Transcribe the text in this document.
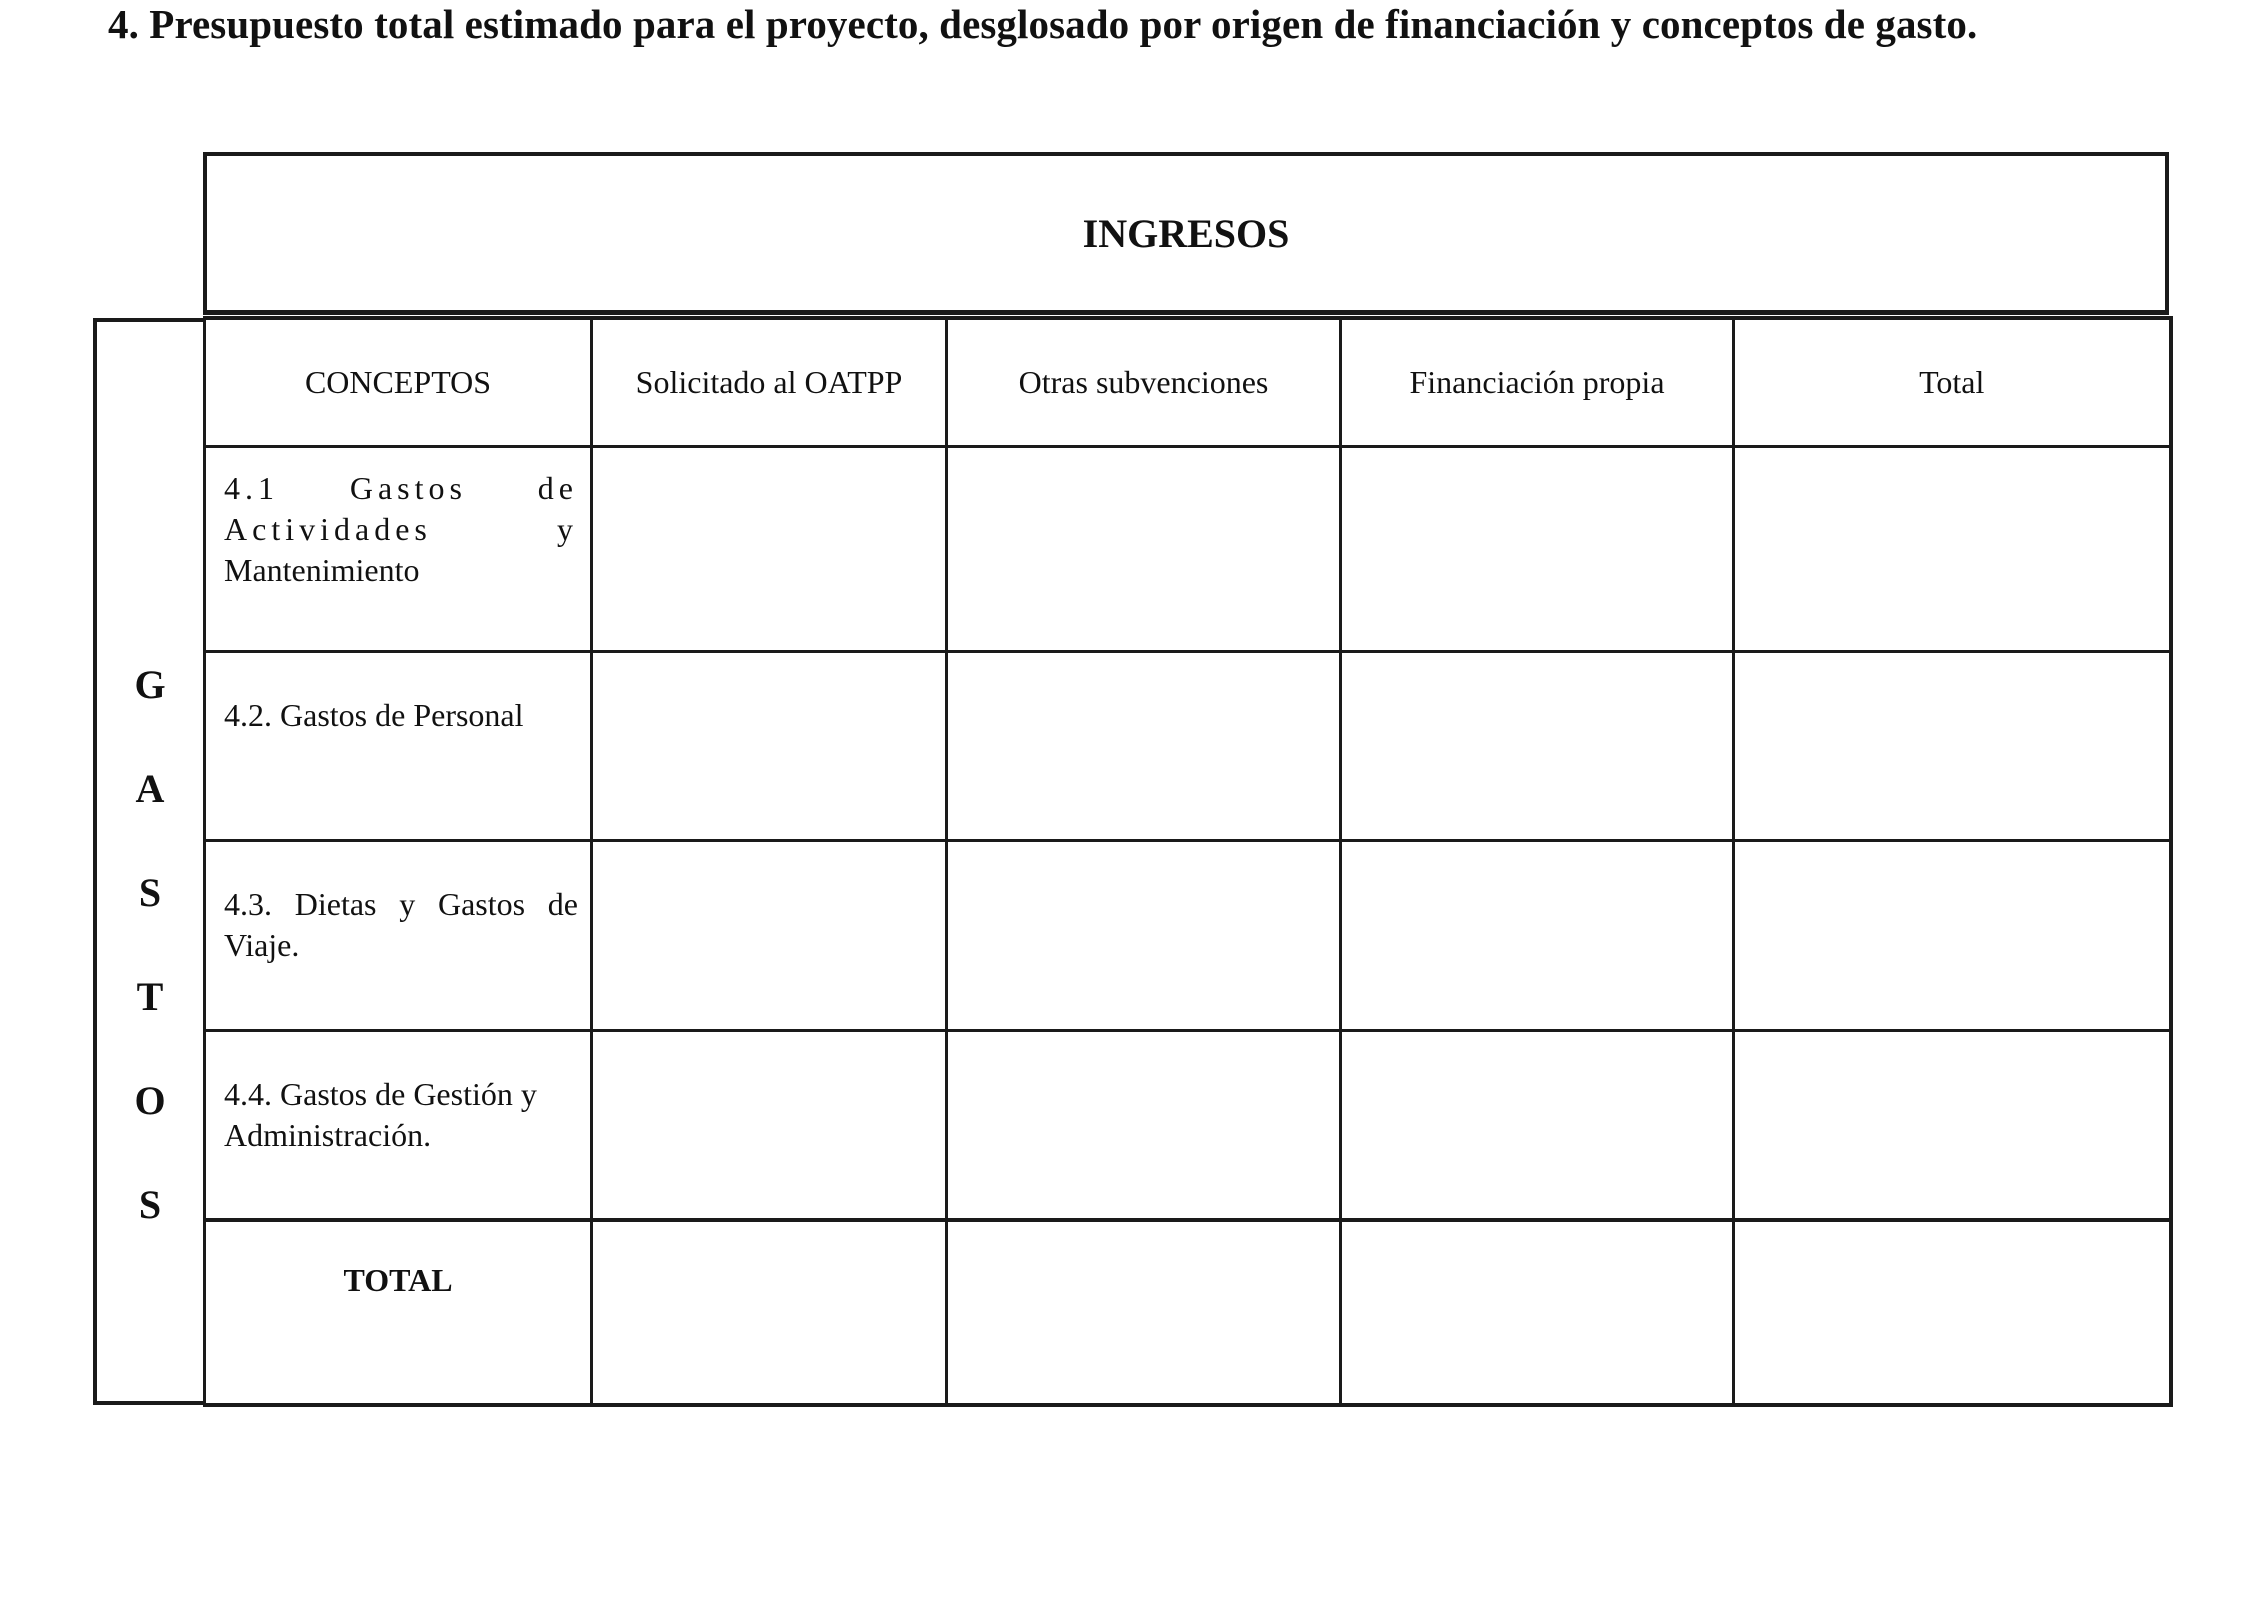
4. Presupuesto total estimado para el proyecto, desglosado por origen de financiación y conceptos de gasto.
INGRESOS
G
A
S
T
O
S
CONCEPTOS	Solicitado al OATPP	Otras subvenciones	Financiación propia	Total

4.1 Gastos de Actividades y
Mantenimiento				

4.2. Gastos de Personal				
4.3. Dietas y Gastos de Viaje.				
4.4. Gastos de Gestión y Administración.				
TOTAL				
